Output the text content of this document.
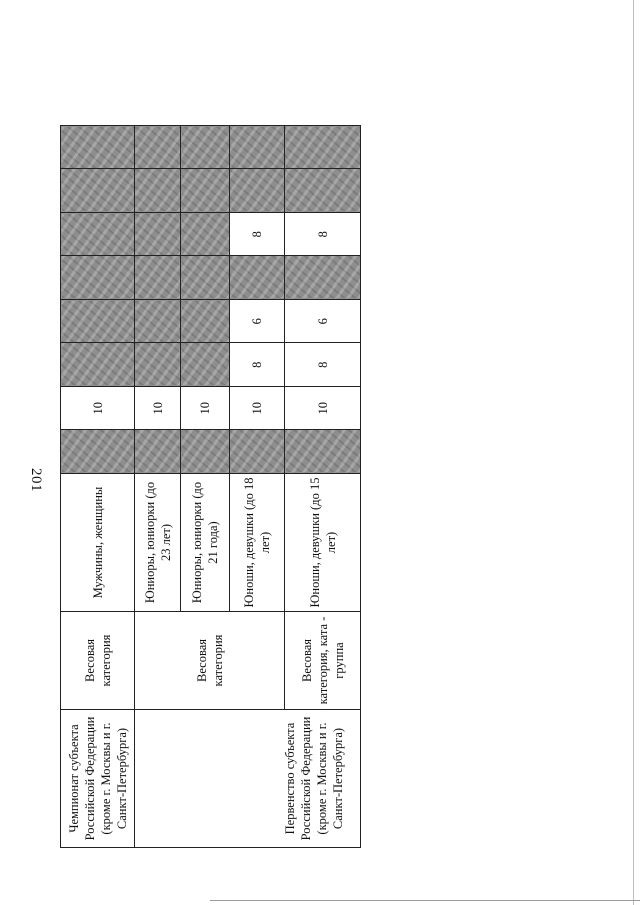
201
Чемпионат субъекта Российской Федерации (кроме г. Москвы и г. Санкт-Петербурга)	Весовая категория	Мужчины, женщины		10						
Первенство субъекта Российской Федерации (кроме г. Москвы и г. Санкт-Петербурга)	Весовая категория	Юниоры, юниорки (до 23 лет)		10						
		Юниоры, юниорки (до 21 года)		10						
		Юноши, девушки (до 18 лет)		10	8	6		8		
	Весовая категория, ката - группа	Юноши, девушки (до 15 лет)		10	8	6		8		
